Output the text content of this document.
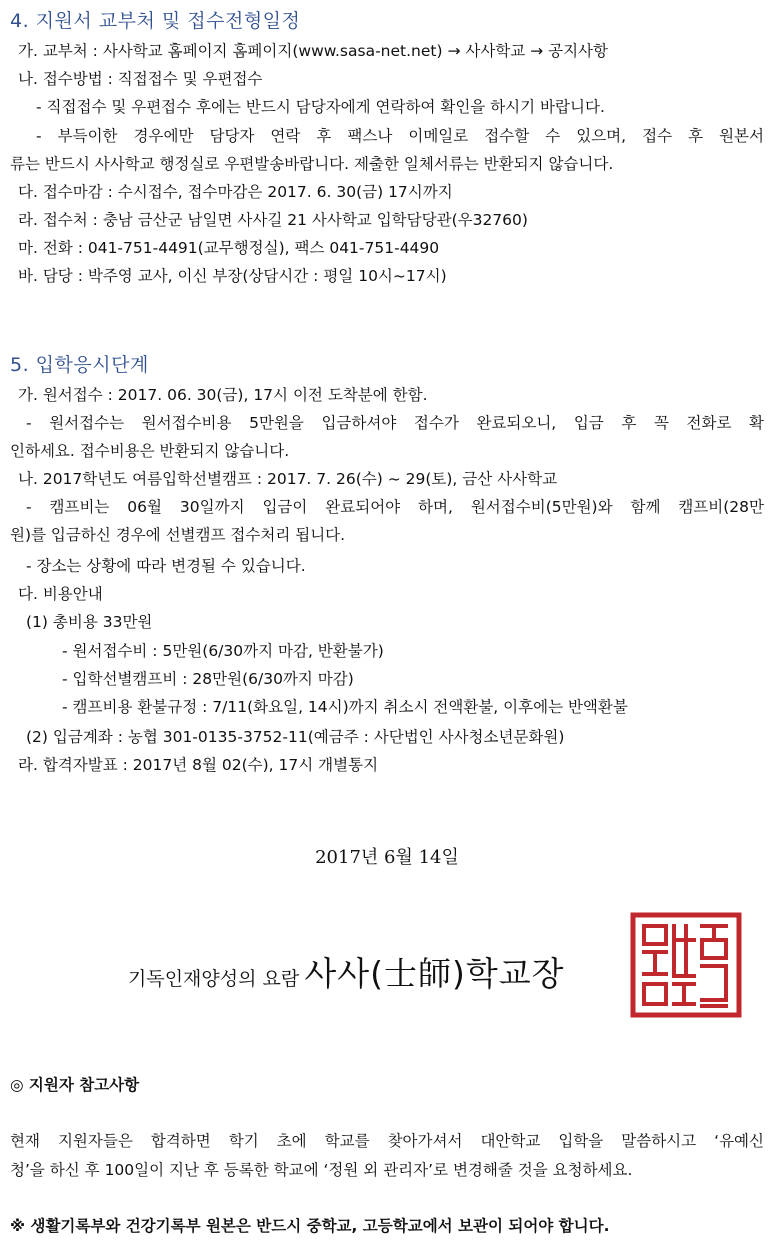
4. 지원서 교부처 및 접수전형일정
가. 교부처 : 사사학교 홈페이지 홈페이지(www.sasa-net.net) → 사사학교 → 공지사항
나. 접수방법 : 직접접수 및 우편접수
- 직접접수 및 우편접수 후에는 반드시 담당자에게 연락하여 확인을 하시기 바랍니다.
- 부득이한 경우에만 담당자 연락 후 팩스나 이메일로 접수할 수 있으며, 접수 후 원본서
류는 반드시 사사학교 행정실로 우편발송바랍니다. 제출한 일체서류는 반환되지 않습니다.
다. 접수마감 : 수시접수, 접수마감은 2017. 6. 30(금) 17시까지
라. 접수처 : 충남 금산군 남일면 사사길 21 사사학교 입학담당관(우32760)
마. 전화 : 041-751-4491(교무행정실), 팩스 041-751-4490
바. 담당 : 박주영 교사, 이신 부장(상담시간 : 평일 10시~17시)
5. 입학응시단계
가. 원서접수 : 2017. 06. 30(금), 17시 이전 도착분에 한함.
- 원서접수는 원서접수비용 5만원을 입금하셔야 접수가 완료되오니, 입금 후 꼭 전화로 확
인하세요. 접수비용은 반환되지 않습니다.
나. 2017학년도 여름입학선별캠프 : 2017. 7. 26(수) ~ 29(토), 금산 사사학교
- 캠프비는 06월 30일까지 입금이 완료되어야 하며, 원서접수비(5만원)와 함께 캠프비(28만
원)를 입금하신 경우에 선별캠프 접수처리 됩니다.
- 장소는 상황에 따라 변경될 수 있습니다.
다. 비용안내
(1) 총비용 33만원
- 원서접수비 : 5만원(6/30까지 마감, 반환불가)
- 입학선별캠프비 : 28만원(6/30까지 마감)
- 캠프비용 환불규정 : 7/11(화요일, 14시)까지 취소시 전액환불, 이후에는 반액환불
(2) 입금계좌 : 농협 301-0135-3752-11(예금주 : 사단법인 사사청소년문화원)
라. 합격자발표 : 2017년 8월 02(수), 17시 개별통지
2017년 6월 14일
기독인재양성의 요람 사사(士師)학교장
◎ 지원자 참고사항
현재 지원자들은 합격하면 학기 초에 학교를 찾아가셔서 대안학교 입학을 말씀하시고 ‘유예신
청’을 하신 후 100일이 지난 후 등록한 학교에 ‘정원 외 관리자’로 변경해줄 것을 요청하세요.
※ 생활기록부와 건강기록부 원본은 반드시 중학교, 고등학교에서 보관이 되어야 합니다.
